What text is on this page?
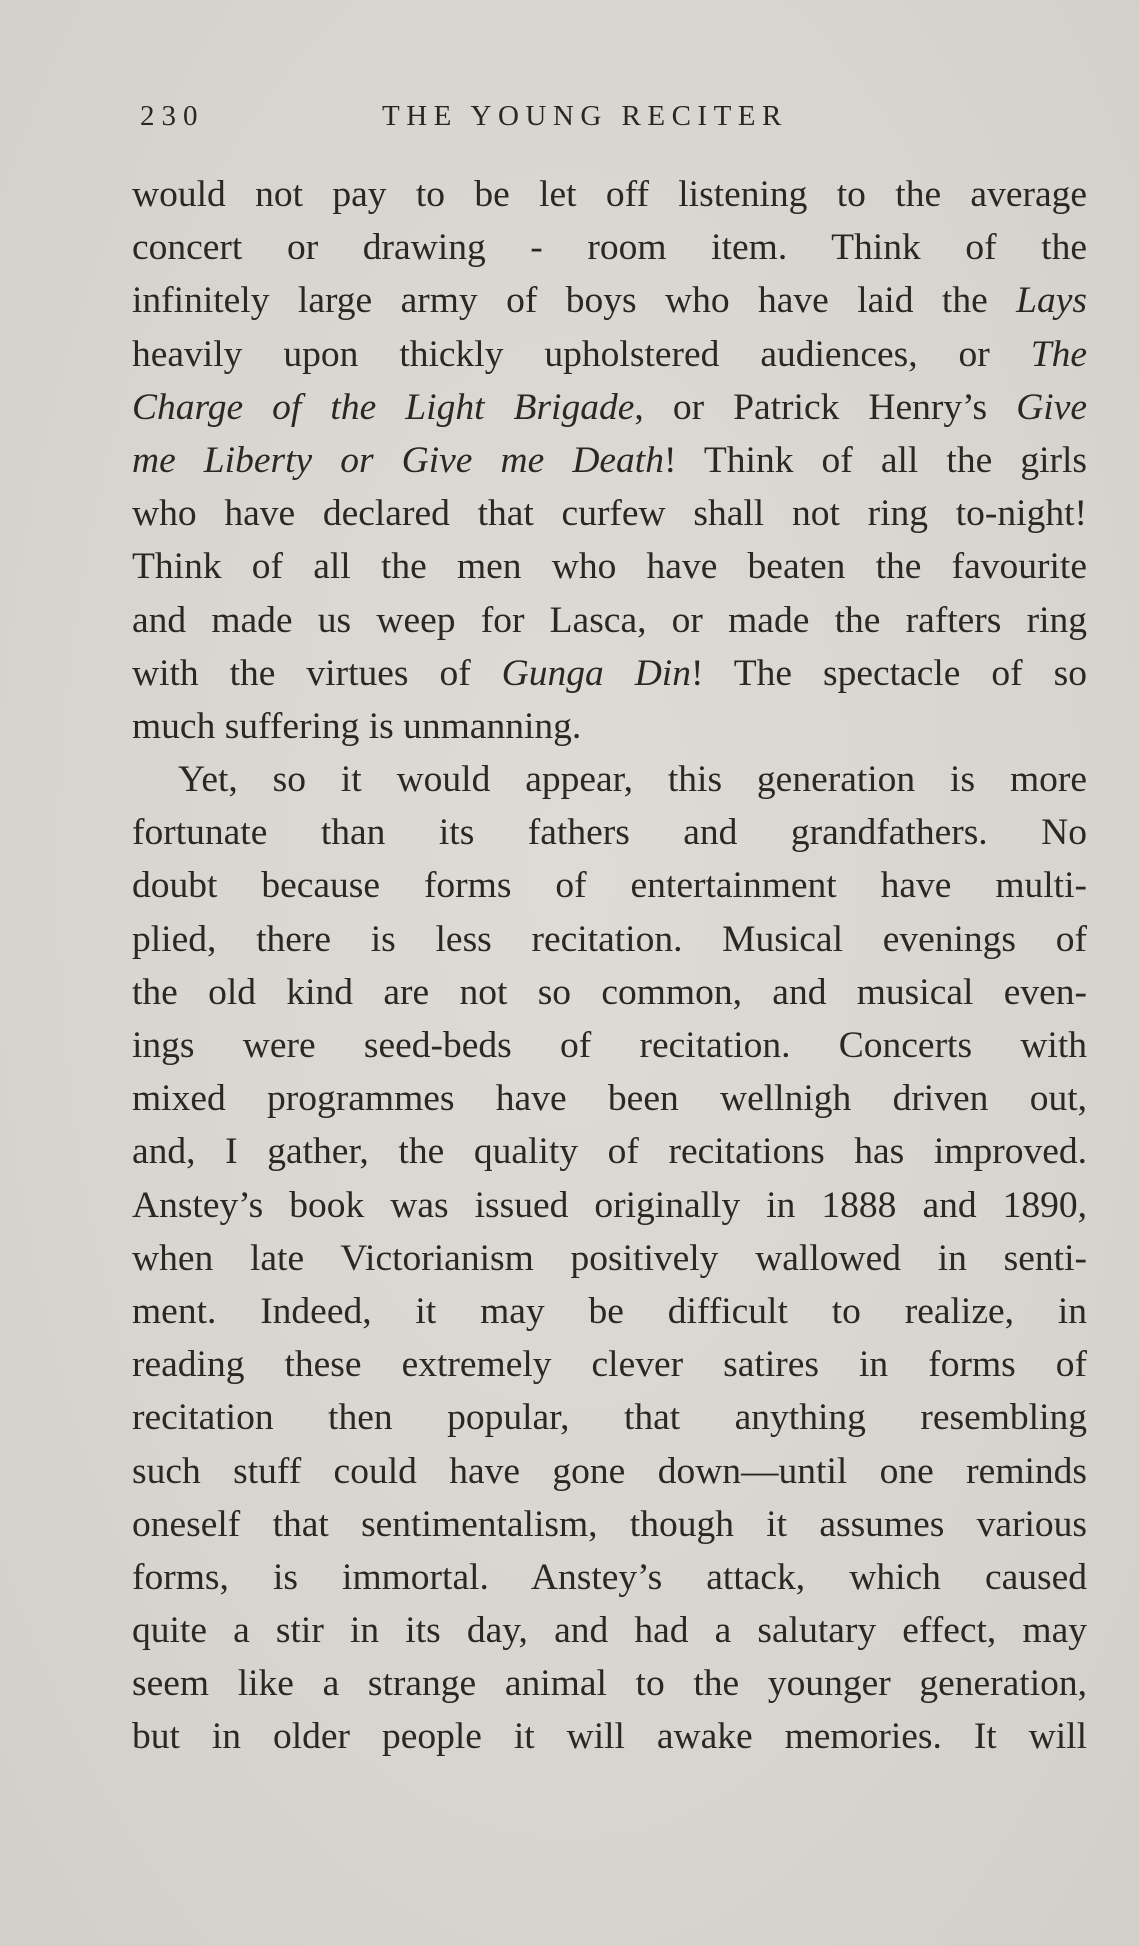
230	THE YOUNG RECITER
would not pay to be let off listening to the average
concert or drawing - room item. Think of the
infinitely large army of boys who have laid the Lays
heavily upon thickly upholstered audiences, or The
Charge of the Light Brigade, or Patrick Henry’s Give
me Liberty or Give me Death! Think of all the girls
who have declared that curfew shall not ring to-night!
Think of all the men who have beaten the favourite
and made us weep for Lasca, or made the rafters ring
with the virtues of Gunga Din! The spectacle of so
much suffering is unmanning.
Yet, so it would appear, this generation is more
fortunate than its fathers and grandfathers. No
doubt because forms of entertainment have multi-
plied, there is less recitation. Musical evenings of
the old kind are not so common, and musical even-
ings were seed-beds of recitation. Concerts with
mixed programmes have been wellnigh driven out,
and, I gather, the quality of recitations has improved.
Anstey’s book was issued originally in 1888 and 1890,
when late Victorianism positively wallowed in senti-
ment. Indeed, it may be difficult to realize, in
reading these extremely clever satires in forms of
recitation then popular, that anything resembling
such stuff could have gone down—until one reminds
oneself that sentimentalism, though it assumes various
forms, is immortal. Anstey’s attack, which caused
quite a stir in its day, and had a salutary effect, may
seem like a strange animal to the younger generation,
but in older people it will awake memories. It will
